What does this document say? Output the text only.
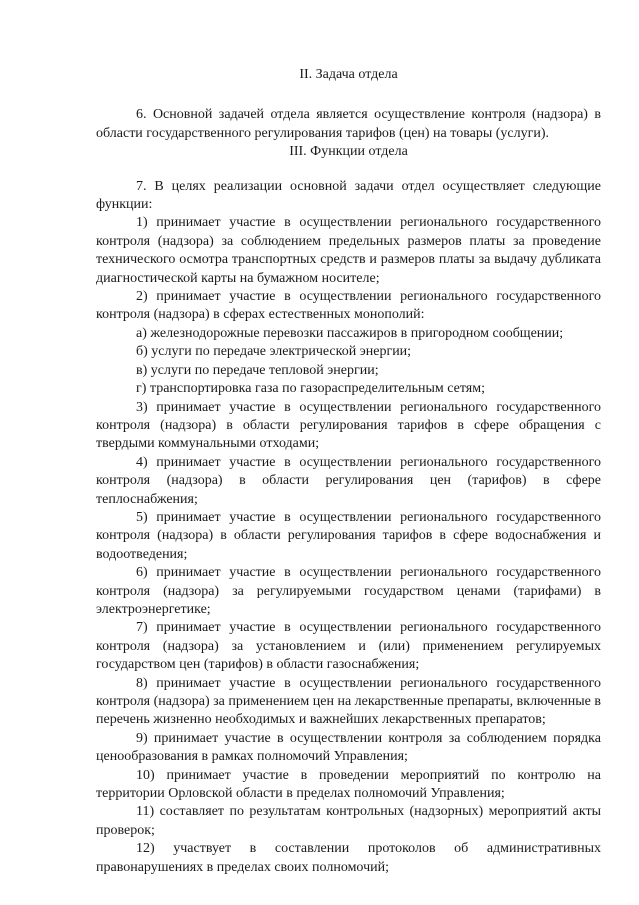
II. Задача отдела

6. Основной задачей отдела является осуществление контроля (надзора) в области государственного регулирования тарифов (цен) на товары (услуги).

III. Функции отдела

7. В целях реализации основной задачи отдел осуществляет следующие функции:

1) принимает участие в осуществлении регионального государственного контроля (надзора) за соблюдением предельных размеров платы за проведение технического осмотра транспортных средств и размеров платы за выдачу дубликата диагностической карты на бумажном носителе;

2) принимает участие в осуществлении регионального государственного контроля (надзора) в сферах естественных монополий:

а) железнодорожные перевозки пассажиров в пригородном сообщении;

б) услуги по передаче электрической энергии;

в) услуги по передаче тепловой энергии;

г) транспортировка газа по газораспределительным сетям;

3) принимает участие в осуществлении регионального государственного контроля (надзора) в области регулирования тарифов в сфере обращения с твердыми коммунальными отходами;

4) принимает участие в осуществлении регионального государственного контроля (надзора) в области регулирования цен (тарифов) в сфере теплоснабжения;

5) принимает участие в осуществлении регионального государственного контроля (надзора) в области регулирования тарифов в сфере водоснабжения и водоотведения;

6) принимает участие в осуществлении регионального государственного контроля (надзора) за регулируемыми государством ценами (тарифами) в электроэнергетике;

7) принимает участие в осуществлении регионального государственного контроля (надзора) за установлением и (или) применением регулируемых государством цен (тарифов) в области газоснабжения;

8) принимает участие в осуществлении регионального государственного контроля (надзора) за применением цен на лекарственные препараты, включенные в перечень жизненно необходимых и важнейших лекарственных препаратов;

9) принимает участие в осуществлении контроля за соблюдением порядка ценообразования в рамках полномочий Управления;

10) принимает участие в проведении мероприятий по контролю на территории Орловской области в пределах полномочий Управления;

11) составляет по результатам контрольных (надзорных) мероприятий акты проверок;

12) участвует в составлении протоколов об административных правонарушениях в пределах своих полномочий;
